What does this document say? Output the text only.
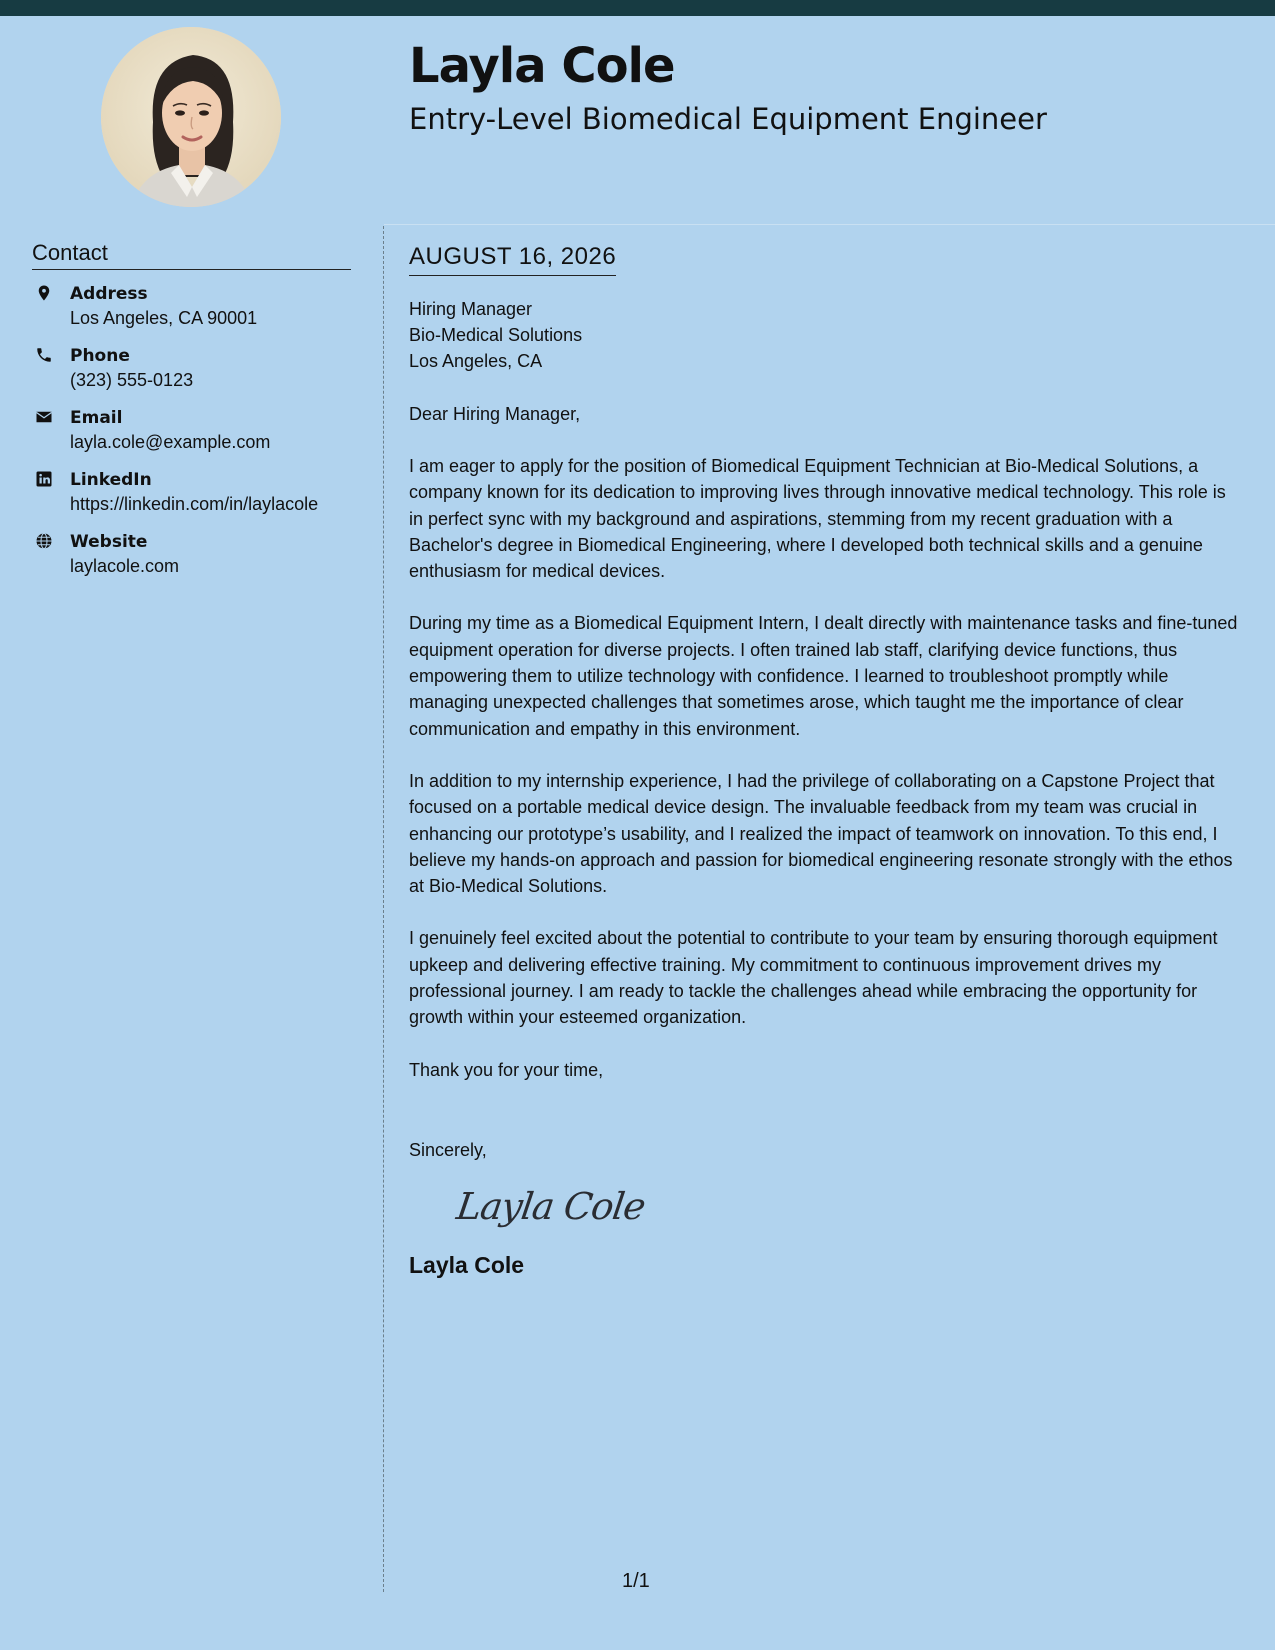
Layla Cole
Entry-Level Biomedical Equipment Engineer
Contact
Address
Los Angeles, CA 90001
Phone
(323) 555-0123
Email
layla.cole@example.com
LinkedIn
https://linkedin.com/in/laylacole
Website
laylacole.com
AUGUST 16, 2026
Hiring Manager
Bio-Medical Solutions
Los Angeles, CA
Dear Hiring Manager,

I am eager to apply for the position of Biomedical Equipment Technician at Bio-Medical Solutions, a company known for its dedication to improving lives through innovative medical technology. This role is in perfect sync with my background and aspirations, stemming from my recent graduation with a Bachelor's degree in Biomedical Engineering, where I developed both technical skills and a genuine enthusiasm for medical devices.

During my time as a Biomedical Equipment Intern, I dealt directly with maintenance tasks and fine-tuned equipment operation for diverse projects. I often trained lab staff, clarifying device functions, thus empowering them to utilize technology with confidence. I learned to troubleshoot promptly while managing unexpected challenges that sometimes arose, which taught me the importance of clear communication and empathy in this environment.

In addition to my internship experience, I had the privilege of collaborating on a Capstone Project that focused on a portable medical device design. The invaluable feedback from my team was crucial in enhancing our prototype’s usability, and I realized the impact of teamwork on innovation. To this end, I believe my hands-on approach and passion for biomedical engineering resonate strongly with the ethos at Bio-Medical Solutions.

I genuinely feel excited about the potential to contribute to your team by ensuring thorough equipment upkeep and delivering effective training. My commitment to continuous improvement drives my professional journey. I am ready to tackle the challenges ahead while embracing the opportunity for growth within your esteemed organization.

Thank you for your time,
Sincerely,
Layla Cole
Layla Cole
1/1
